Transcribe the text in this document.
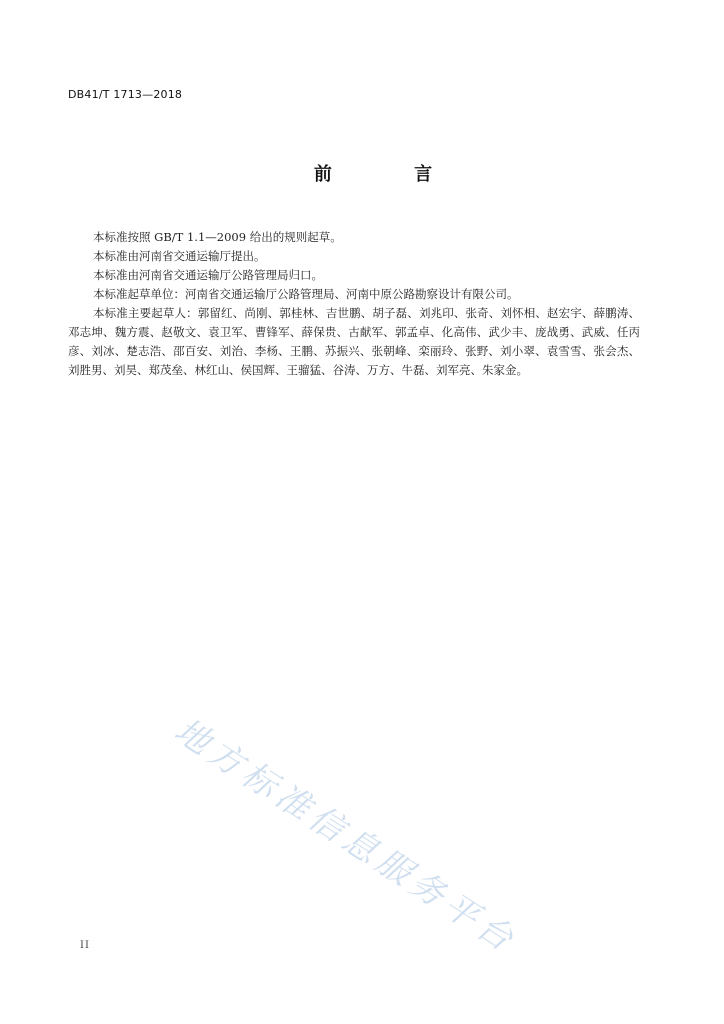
DB41/T 1713—2018
前 言

本标准按照 GB/T 1.1—2009 给出的规则起草。

本标准由河南省交通运输厅提出。

本标准由河南省交通运输厅公路管理局归口。

本标准起草单位：河南省交通运输厅公路管理局、河南中原公路勘察设计有限公司。

本标准主要起草人：郭留红、尚刚、郭桂林、吉世鹏、胡子磊、刘兆印、张奇、刘怀相、赵宏宇、薛鹏涛、邓志坤、魏方震、赵敬文、袁卫军、曹锋军、薛保贵、古献军、郭孟卓、化高伟、武少丰、庞战勇、武威、任丙彦、刘冰、楚志浩、邵百安、刘治、李杨、王鹏、苏振兴、张朝峰、栾丽玲、张野、刘小翠、袁雪雪、张会杰、刘胜男、刘昊、郑茂垒、林红山、侯国辉、王骝猛、谷涛、万方、牛磊、刘军亮、朱家金。

地方标准信息服务平台
II
